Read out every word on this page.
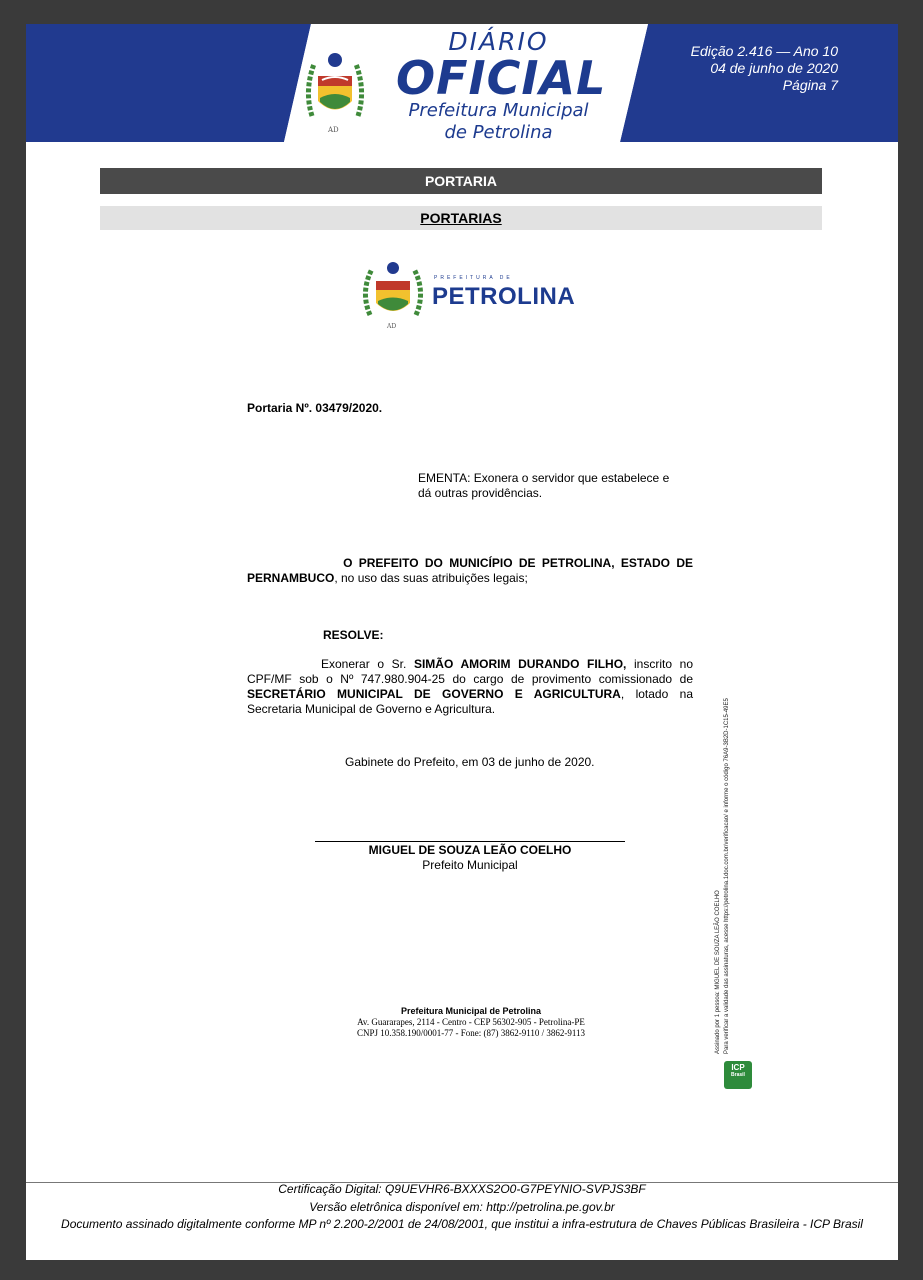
AD
DIÁRIO
OFICIAL
Prefeitura Municipal
de Petrolina
Edição 2.416 — Ano 10
04 de junho de 2020
Página 7
PORTARIA
PORTARIAS
AD
PREFEITURA DE
PETROLINA
Portaria Nº. 03479/2020.
EMENTA: Exonera o servidor que estabelece e
dá outras providências.
O PREFEITO DO MUNICÍPIO DE PETROLINA, ESTADO DE
PERNAMBUCO, no uso das suas atribuições legais;
RESOLVE:
Exonerar o Sr. SIMÃO AMORIM DURANDO FILHO, inscrito no CPF/MF sob o Nº 747.980.904-25 do cargo de provimento comissionado de SECRETÁRIO MUNICIPAL DE GOVERNO E AGRICULTURA, lotado na Secretaria Municipal de Governo e Agricultura.
Gabinete do Prefeito, em 03 de junho de 2020.
MIGUEL DE SOUZA LEÃO COELHO
Prefeito Municipal
Prefeitura Municipal de Petrolina
Av. Guararapes, 2114 - Centro - CEP 56302-905 - Petrolina-PE
CNPJ 10.358.190/0001-77 - Fone: (87) 3862-9110 / 3862-9113	Assinado por 1 pessoa: MIGUEL DE SOUZA LEÃO COELHO Para verificar a validade das assinaturas, acesse https://petrolina.1doc.com.br/verificacao/ e informe o código 76A9-3B2D-1C15-49E5
ICP
Brasil
Certificação Digital: Q9UEVHR6-BXXXS2O0-G7PEYNIO-SVPJS3BF
Versão eletrônica disponível em: http://petrolina.pe.gov.br
Documento assinado digitalmente conforme MP nº 2.200-2/2001 de 24/08/2001, que institui a infra-estrutura de Chaves Públicas Brasileira - ICP Brasil
